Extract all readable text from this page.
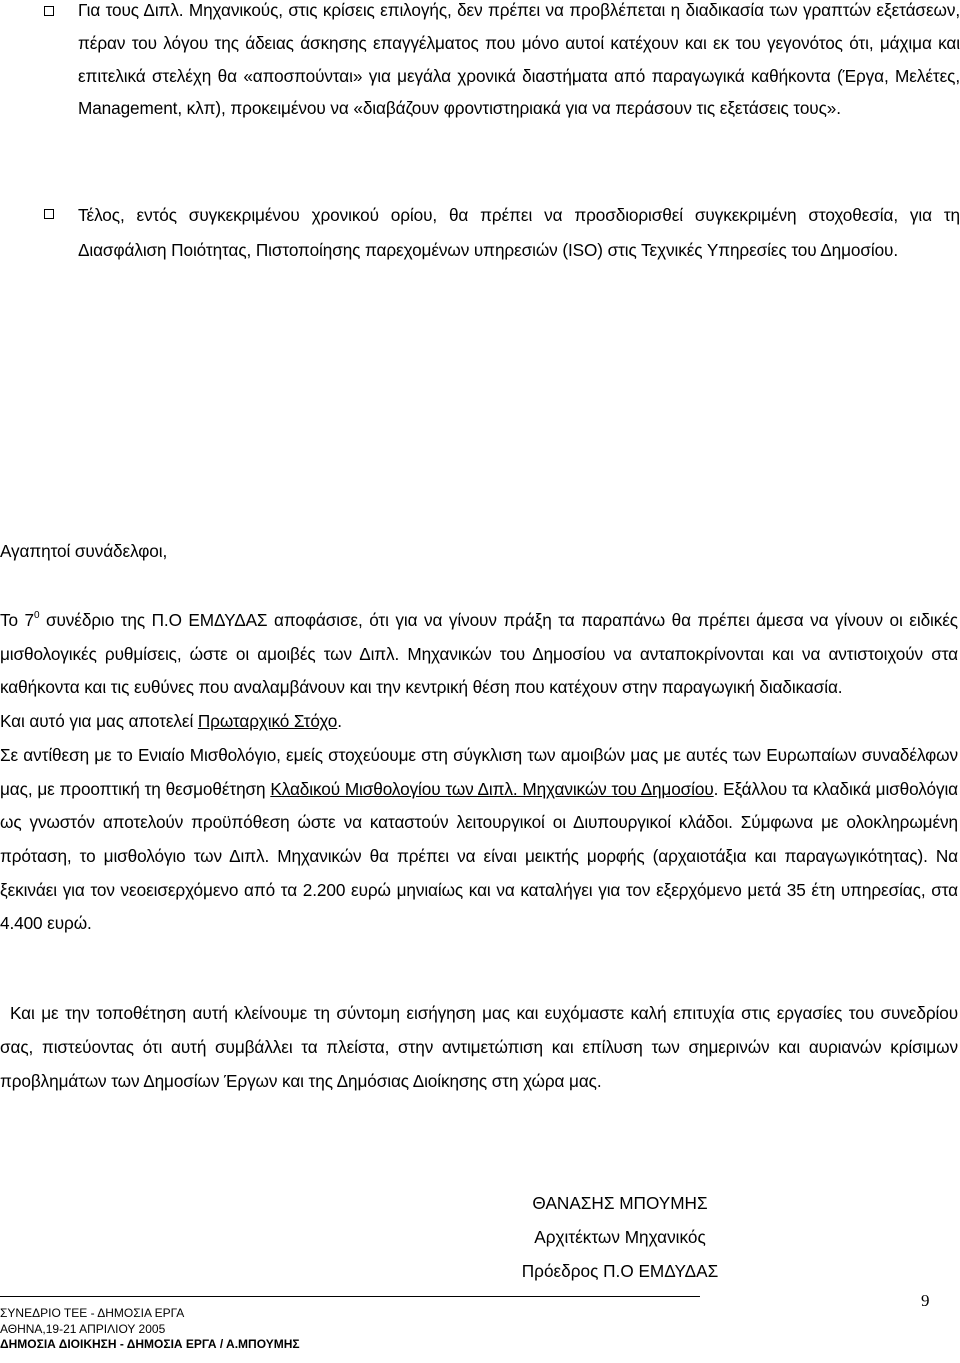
Για τους Διπλ. Μηχανικούς, στις κρίσεις επιλογής, δεν πρέπει να προβλέπεται η διαδικασία των γραπτών εξετάσεων, πέραν του λόγου της άδειας άσκησης επαγγέλματος που μόνο αυτοί κατέχουν και εκ του γεγονότος ότι, μάχιμα και επιτελικά στελέχη θα «αποσπούνται» για μεγάλα χρονικά διαστήματα από παραγωγικά καθήκοντα (Έργα, Μελέτες, Management, κλπ), προκειμένου να «διαβάζουν φροντιστηριακά για να περάσουν τις εξετάσεις τους».

Τέλος, εντός συγκεκριμένου χρονικού ορίου, θα πρέπει να προσδιορισθεί συγκεκριμένη στοχοθεσία, για τη Διασφάλιση Ποιότητας, Πιστοποίησης παρεχομένων υπηρεσιών (ISO) στις Τεχνικές Υπηρεσίες του Δημοσίου.

Αγαπητοί συνάδελφοι,

Το $7^0$ συνέδριο της Π.Ο ΕΜΔΥΔΑΣ αποφάσισε, ότι για να γίνουν πράξη τα παραπάνω θα πρέπει άμεσα να γίνουν οι ειδικές μισθολογικές ρυθμίσεις, ώστε οι αμοιβές των Διπλ. Μηχανικών του Δημοσίου να ανταποκρίνονται και να αντιστοιχούν στα καθήκοντα και τις ευθύνες που αναλαμβάνουν και την κεντρική θέση που κατέχουν στην παραγωγική διαδικασία.

Και αυτό για μας αποτελεί Πρωταρχικό Στόχο.

Σε αντίθεση με το Ενιαίο Μισθολόγιο, εμείς στοχεύουμε στη σύγκλιση των αμοιβών μας με αυτές των Ευρωπαίων συναδέλφων μας, με προοπτική τη θεσμοθέτηση Κλαδικού Μισθολογίου των Διπλ. Μηχανικών του Δημοσίου. Εξάλλου τα κλαδικά μισθολόγια ως γνωστόν αποτελούν προϋπόθεση ώστε να καταστούν λειτουργικοί οι Διυπουργικοί κλάδοι. Σύμφωνα με ολοκληρωμένη πρόταση, το μισθολόγιο των Διπλ. Μηχανικών θα πρέπει να είναι μεικτής μορφής (αρχαιοτάξια και παραγωγικότητας). Να ξεκινάει για τον νεοεισερχόμενο από τα 2.200 ευρώ μηνιαίως και να καταλήγει για τον εξερχόμενο μετά 35 έτη υπηρεσίας, στα 4.400 ευρώ.

Και με την τοποθέτηση αυτή κλείνουμε τη σύντομη εισήγηση μας και ευχόμαστε καλή επιτυχία στις εργασίες του συνεδρίου σας, πιστεύοντας ότι αυτή συμβάλλει τα πλείστα, στην αντιμετώπιση και επίλυση των σημερινών και αυριανών κρίσιμων προβλημάτων των Δημοσίων Έργων και της Δημόσιας Διοίκησης στη χώρα μας.

ΘΑΝΑΣΗΣ ΜΠΟΥΜΗΣ
Αρχιτέκτων Μηχανικός
Πρόεδρος Π.Ο ΕΜΔΥΔΑΣ
9
ΣΥΝΕΔΡΙΟ ΤΕΕ - ΔΗΜΟΣΙΑ ΕΡΓΑ
ΑΘΗΝΑ,19-21 ΑΠΡΙΛΙΟΥ 2005
ΔΗΜΟΣΙΑ ΔΙΟΙΚΗΣΗ - ΔΗΜΟΣΙΑ ΕΡΓΑ / Α.ΜΠΟΥΜΗΣ
